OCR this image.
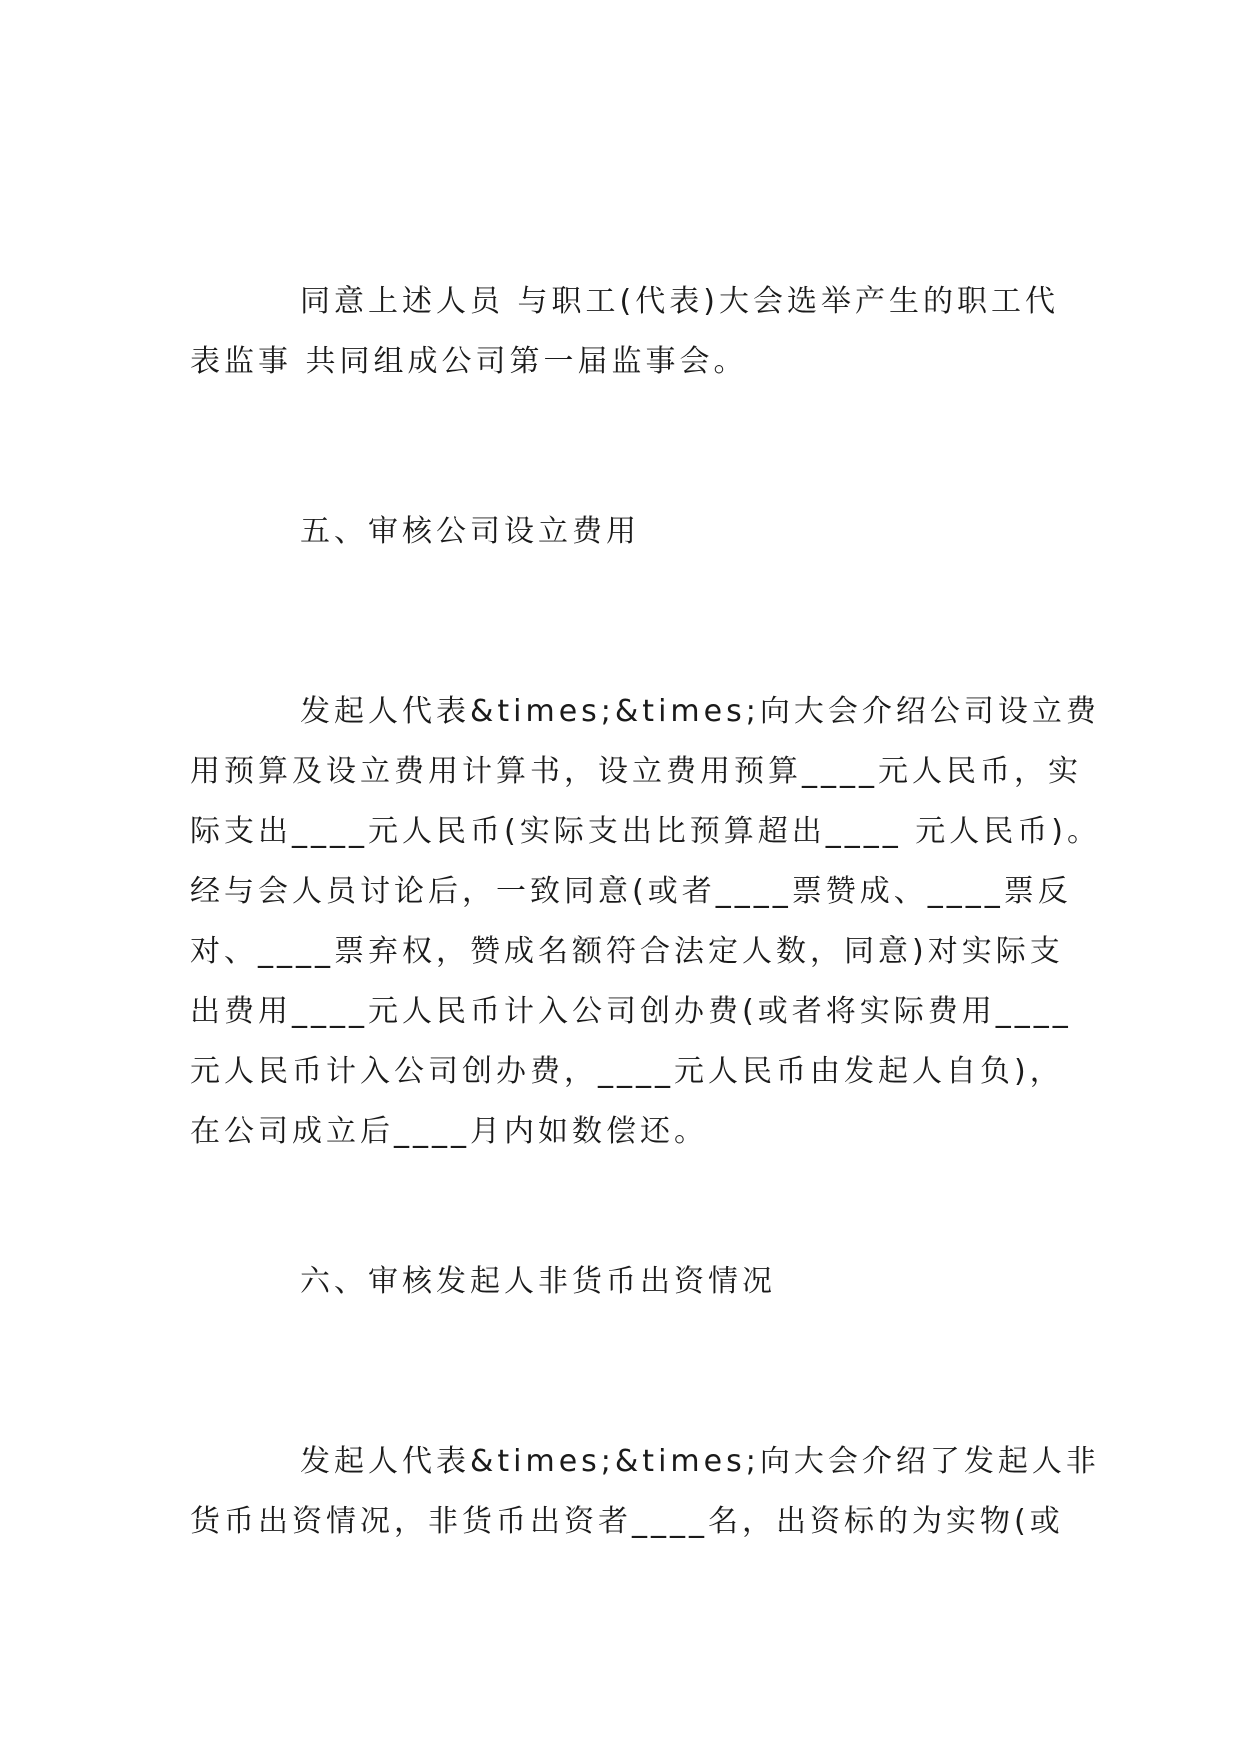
同意上述人员 与职工(代表)大会选举产生的职工代
表监事 共同组成公司第一届监事会。
五、审核公司设立费用
发起人代表&times;&times;向大会介绍公司设立费
用预算及设立费用计算书，设立费用预算____元人民币，实
际支出____元人民币(实际支出比预算超出____ 元人民币)。
经与会人员讨论后，一致同意(或者____票赞成、____票反
对、____票弃权，赞成名额符合法定人数，同意)对实际支
出费用____元人民币计入公司创办费(或者将实际费用____
元人民币计入公司创办费，____元人民币由发起人自负)，
在公司成立后____月内如数偿还。
六、审核发起人非货币出资情况
发起人代表&times;&times;向大会介绍了发起人非
货币出资情况，非货币出资者____名，出资标的为实物(或
